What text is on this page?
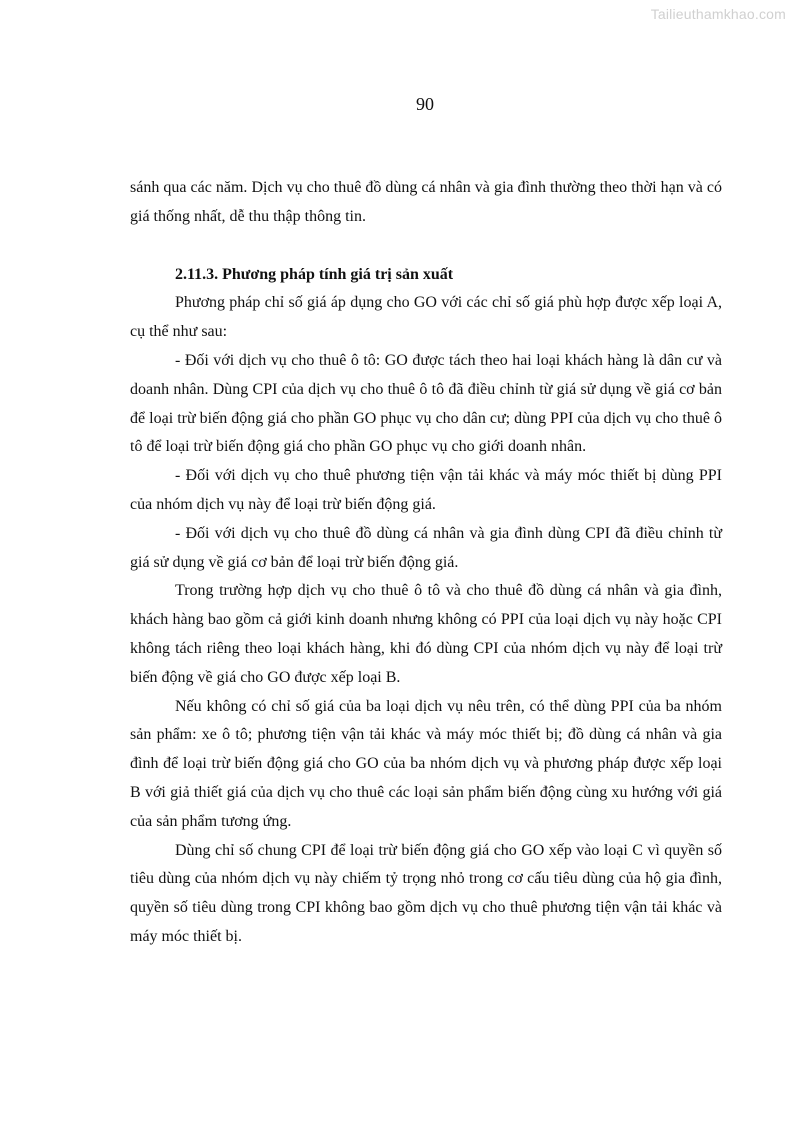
Tailieuthamkhao.com
90

sánh qua các năm. Dịch vụ cho thuê đồ dùng cá nhân và gia đình thường theo thời hạn và có giá thống nhất, dễ thu thập thông tin.

2.11.3. Phương pháp tính giá trị sản xuất

Phương pháp chỉ số giá áp dụng cho GO với các chỉ số giá phù hợp được xếp loại A, cụ thể như sau:

- Đối với dịch vụ cho thuê ô tô: GO được tách theo hai loại khách hàng là dân cư và doanh nhân. Dùng CPI của dịch vụ cho thuê ô tô đã điều chỉnh từ giá sử dụng về giá cơ bản để loại trừ biến động giá cho phần GO phục vụ cho dân cư; dùng PPI của dịch vụ cho thuê ô tô để loại trừ biến động giá cho phần GO phục vụ cho giới doanh nhân.

- Đối với dịch vụ cho thuê phương tiện vận tải khác và máy móc thiết bị dùng PPI của nhóm dịch vụ này để loại trừ biến động giá.

- Đối với dịch vụ cho thuê đồ dùng cá nhân và gia đình dùng CPI đã điều chỉnh từ giá sử dụng về giá cơ bản để loại trừ biến động giá.

Trong trường hợp dịch vụ cho thuê ô tô và cho thuê đồ dùng cá nhân và gia đình, khách hàng bao gồm cả giới kinh doanh nhưng không có PPI của loại dịch vụ này hoặc CPI không tách riêng theo loại khách hàng, khi đó dùng CPI của nhóm dịch vụ này để loại trừ biến động về giá cho GO được xếp loại B.

Nếu không có chỉ số giá của ba loại dịch vụ nêu trên, có thể dùng PPI của ba nhóm sản phẩm: xe ô tô; phương tiện vận tải khác và máy móc thiết bị; đồ dùng cá nhân và gia đình để loại trừ biến động giá cho GO của ba nhóm dịch vụ và phương pháp được xếp loại B với giả thiết giá của dịch vụ cho thuê các loại sản phẩm biến động cùng xu hướng với giá của sản phẩm tương ứng.

Dùng chỉ số chung CPI để loại trừ biến động giá cho GO xếp vào loại C vì quyền số tiêu dùng của nhóm dịch vụ này chiếm tỷ trọng nhỏ trong cơ cấu tiêu dùng của hộ gia đình, quyền số tiêu dùng trong CPI không bao gồm dịch vụ cho thuê phương tiện vận tải khác và máy móc thiết bị.
